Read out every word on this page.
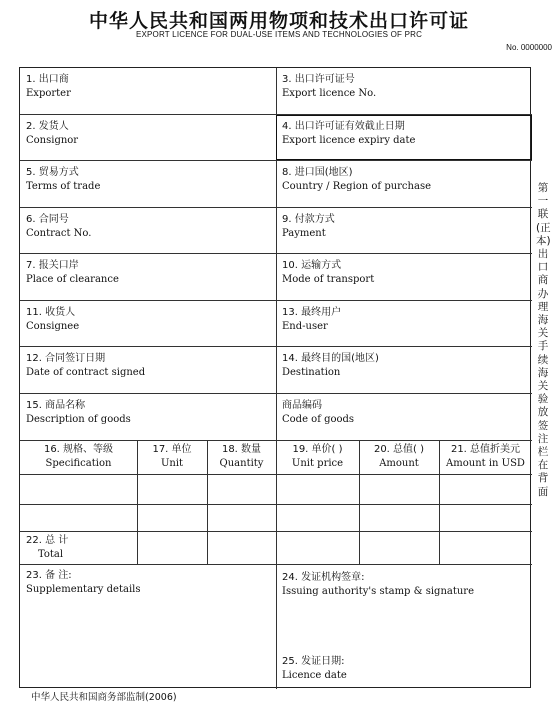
中华人民共和国两用物项和技术出口许可证
EXPORT LICENCE FOR DUAL-USE ITEMS AND TECHNOLOGIES OF PRC
No. 0000000
1. 出口商
Exporter
2. 发货人
Consignor
5. 贸易方式
Terms of trade
6. 合同号
Contract No.
7. 报关口岸
Place of clearance
11. 收货人
Consignee
12. 合同签订日期
Date of contract signed
15. 商品名称
Description of goods
3. 出口许可证号
Export licence No.
4. 出口许可证有效截止日期
Export licence expiry date
8. 进口国(地区)
Country / Region of purchase
9. 付款方式
Payment
10. 运输方式
Mode of transport
13. 最终用户
End-user
14. 最终目的国(地区)
Destination
商品编码
Code of goods
16. 规格、等级
Specification
17. 单位
Unit
18. 数量
Quantity
19. 单价( )
Unit price
20. 总值( )
Amount
21. 总值折美元
Amount in USD
22. 总 计
Total
23. 备 注:
Supplementary details
24. 发证机构签章:
Issuing authority's stamp & signature
25. 发证日期:
Licence date
第一联(正本)出口商办理海关手续 海关验放签注栏在背面
中华人民共和国商务部监制(2006)
